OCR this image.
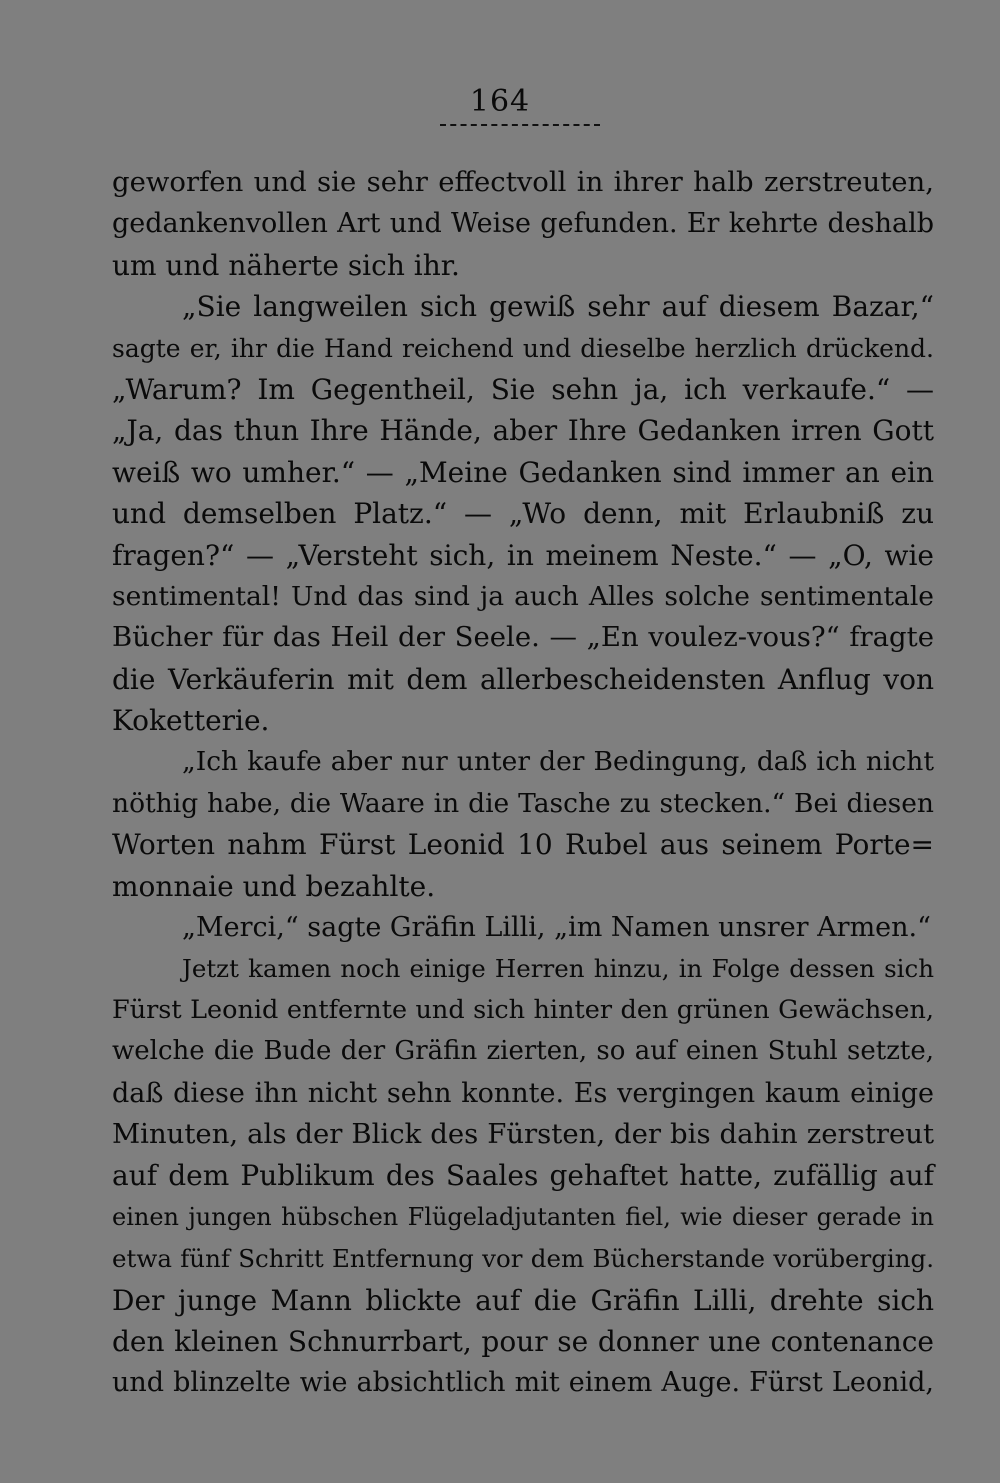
164
geworfen und sie sehr effectvoll in ihrer halb zerstreuten,
gedankenvollen Art und Weise gefunden. Er kehrte deshalb
um und näherte sich ihr.
„Sie langweilen sich gewiß sehr auf diesem Bazar,“
sagte er, ihr die Hand reichend und dieselbe herzlich drückend.
„Warum? Im Gegentheil, Sie sehn ja, ich verkaufe.“ —
„Ja, das thun Ihre Hände, aber Ihre Gedanken irren Gott
weiß wo umher.“ — „Meine Gedanken sind immer an ein
und demselben Platz.“ — „Wo denn, mit Erlaubniß zu
fragen?“ — „Versteht sich, in meinem Neste.“ — „O, wie
sentimental! Und das sind ja auch Alles solche sentimentale
Bücher für das Heil der Seele. — „En voulez-vous?“ fragte
die Verkäuferin mit dem allerbescheidensten Anflug von
Koketterie.
„Ich kaufe aber nur unter der Bedingung, daß ich nicht
nöthig habe, die Waare in die Tasche zu stecken.“ Bei diesen
Worten nahm Fürst Leonid 10 Rubel aus seinem Porte=
monnaie und bezahlte.
„Merci,“ sagte Gräfin Lilli, „im Namen unsrer Armen.“
Jetzt kamen noch einige Herren hinzu, in Folge dessen sich
Fürst Leonid entfernte und sich hinter den grünen Gewächsen,
welche die Bude der Gräfin zierten, so auf einen Stuhl setzte,
daß diese ihn nicht sehn konnte. Es vergingen kaum einige
Minuten, als der Blick des Fürsten, der bis dahin zerstreut
auf dem Publikum des Saales gehaftet hatte, zufällig auf
einen jungen hübschen Flügeladjutanten fiel, wie dieser gerade in
etwa fünf Schritt Entfernung vor dem Bücherstande vorüberging.
Der junge Mann blickte auf die Gräfin Lilli, drehte sich
den kleinen Schnurrbart, pour se donner une contenance
und blinzelte wie absichtlich mit einem Auge. Fürst Leonid,
